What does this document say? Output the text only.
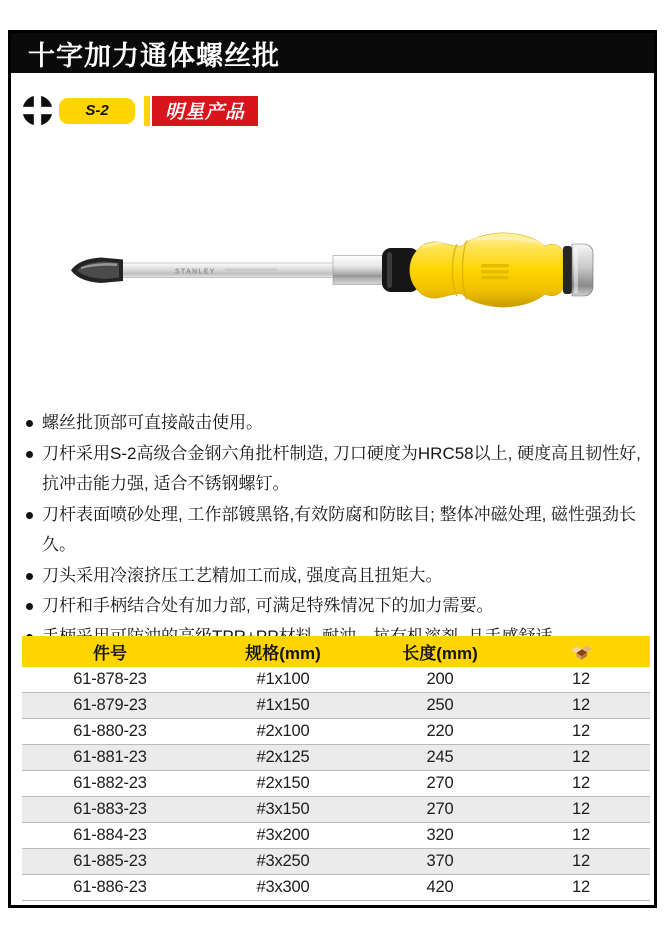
十字加力通体螺丝批
S-2	明星产品
STANLEY
螺丝批顶部可直接敲击使用。
刀杆采用S-2高级合金钢六角批杆制造, 刀口硬度为HRC58以上, 硬度高且韧性好, 抗冲击能力强, 适合不锈钢螺钉。
刀杆表面喷砂处理, 工作部镀黑铬,有效防腐和防眩目; 整体冲磁处理, 磁性强劲长久。
刀头采用冷滚挤压工艺精加工而成, 强度高且扭矩大。
刀杆和手柄结合处有加力部, 可满足特殊情况下的加力需要。
件号	规格(mm)	长度(mm)	
61-878-23	#1x100	200	12
61-879-23	#1x150	250	12
61-880-23	#2x100	220	12
61-881-23	#2x125	245	12
61-882-23	#2x150	270	12
61-883-23	#3x150	270	12
61-884-23	#3x200	320	12
61-885-23	#3x250	370	12
61-886-23	#3x300	420	12
